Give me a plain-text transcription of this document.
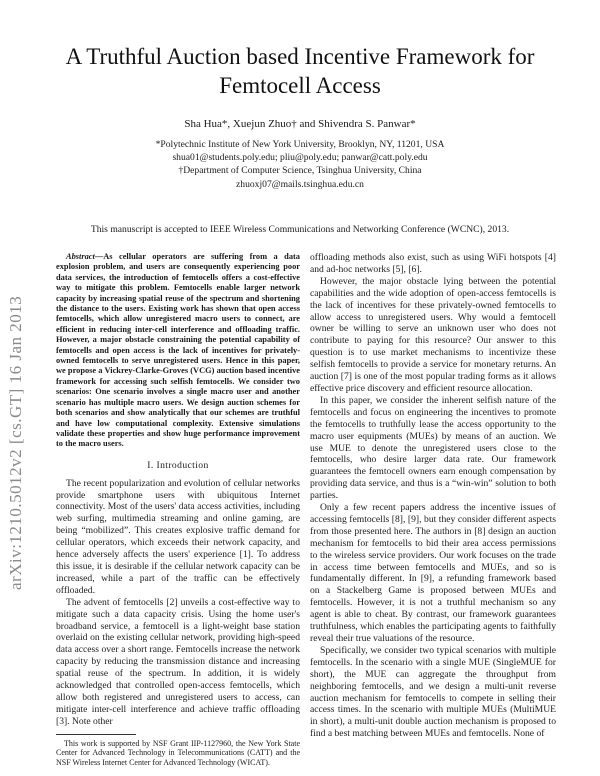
arXiv:1210.5012v2 [cs.GT] 16 Jan 2013
A Truthful Auction based Incentive Framework for Femtocell Access
Sha Hua*, Xuejun Zhuo† and Shivendra S. Panwar*
*Polytechnic Institute of New York University, Brooklyn, NY, 11201, USA
shua01@students.poly.edu; pliu@poly.edu; panwar@catt.poly.edu
†Department of Computer Science, Tsinghua University, China
zhuoxj07@mails.tsinghua.edu.cn
This manuscript is accepted to IEEE Wireless Communications and Networking Conference (WCNC), 2013.

Abstract—As cellular operators are suffering from a data explosion problem, and users are consequently experiencing poor data services, the introduction of femtocells offers a cost-effective way to mitigate this problem. Femtocells enable larger network capacity by increasing spatial reuse of the spectrum and shortening the distance to the users. Existing work has shown that open access femtocells, which allow unregistered macro users to connect, are efficient in reducing inter-cell interference and offloading traffic. However, a major obstacle constraining the potential capability of femtocells and open access is the lack of incentives for privately-owned femtocells to serve unregistered users. Hence in this paper, we propose a Vickrey-Clarke-Groves (VCG) auction based incentive framework for accessing such selfish femtocells. We consider two scenarios: One scenario involves a single macro user and another scenario has multiple macro users. We design auction schemes for both scenarios and show analytically that our schemes are truthful and have low computational complexity. Extensive simulations validate these properties and show huge performance improvement to the macro users.

I. Introduction

The recent popularization and evolution of cellular networks provide smartphone users with ubiquitous Internet connectivity. Most of the users' data access activities, including web surfing, multimedia streaming and online gaming, are being “mobilized”. This creates explosive traffic demand for cellular operators, which exceeds their network capacity, and hence adversely affects the users' experience [1]. To address this issue, it is desirable if the cellular network capacity can be increased, while a part of the traffic can be effectively offloaded.

The advent of femtocells [2] unveils a cost-effective way to mitigate such a data capacity crisis. Using the home user's broadband service, a femtocell is a light-weight base station overlaid on the existing cellular network, providing high-speed data access over a short range. Femtocells increase the network capacity by reducing the transmission distance and increasing spatial reuse of the spectrum. In addition, it is widely acknowledged that controlled open-access femtocells, which allow both registered and unregistered users to access, can mitigate inter-cell interference and achieve traffic offloading [3]. Note other

This work is supported by NSF Grant IIP-1127960, the New York State Center for Advanced Technology in Telecommunications (CATT) and the NSF Wireless Internet Center for Advanced Technology (WICAT).

offloading methods also exist, such as using WiFi hotspots [4] and ad-hoc networks [5], [6].

However, the major obstacle lying between the potential capabilities and the wide adoption of open-access femtocells is the lack of incentives for these privately-owned femtocells to allow access to unregistered users. Why would a femtocell owner be willing to serve an unknown user who does not contribute to paying for this resource? Our answer to this question is to use market mechanisms to incentivize these selfish femtocells to provide a service for monetary returns. An auction [7] is one of the most popular trading forms as it allows effective price discovery and efficient resource allocation.

In this paper, we consider the inherent selfish nature of the femtocells and focus on engineering the incentives to promote the femtocells to truthfully lease the access opportunity to the macro user equipments (MUEs) by means of an auction. We use MUE to denote the unregistered users close to the femtocells, who desire larger data rate. Our framework guarantees the femtocell owners earn enough compensation by providing data service, and thus is a “win-win” solution to both parties.

Only a few recent papers address the incentive issues of accessing femtocells [8], [9], but they consider different aspects from those presented here. The authors in [8] design an auction mechanism for femtocells to bid their area access permissions to the wireless service providers. Our work focuses on the trade in access time between femtocells and MUEs, and so is fundamentally different. In [9], a refunding framework based on a Stackelberg Game is proposed between MUEs and femtocells. However, it is not a truthful mechanism so any agent is able to cheat. By contrast, our framework guarantees truthfulness, which enables the participating agents to faithfully reveal their true valuations of the resource.

Specifically, we consider two typical scenarios with multiple femtocells. In the scenario with a single MUE (SingleMUE for short), the MUE can aggregate the throughput from neighboring femtocells, and we design a multi-unit reverse auction mechanism for femtocells to compete in selling their access times. In the scenario with multiple MUEs (MultiMUE in short), a multi-unit double auction mechanism is proposed to find a best matching between MUEs and femtocells. None of
